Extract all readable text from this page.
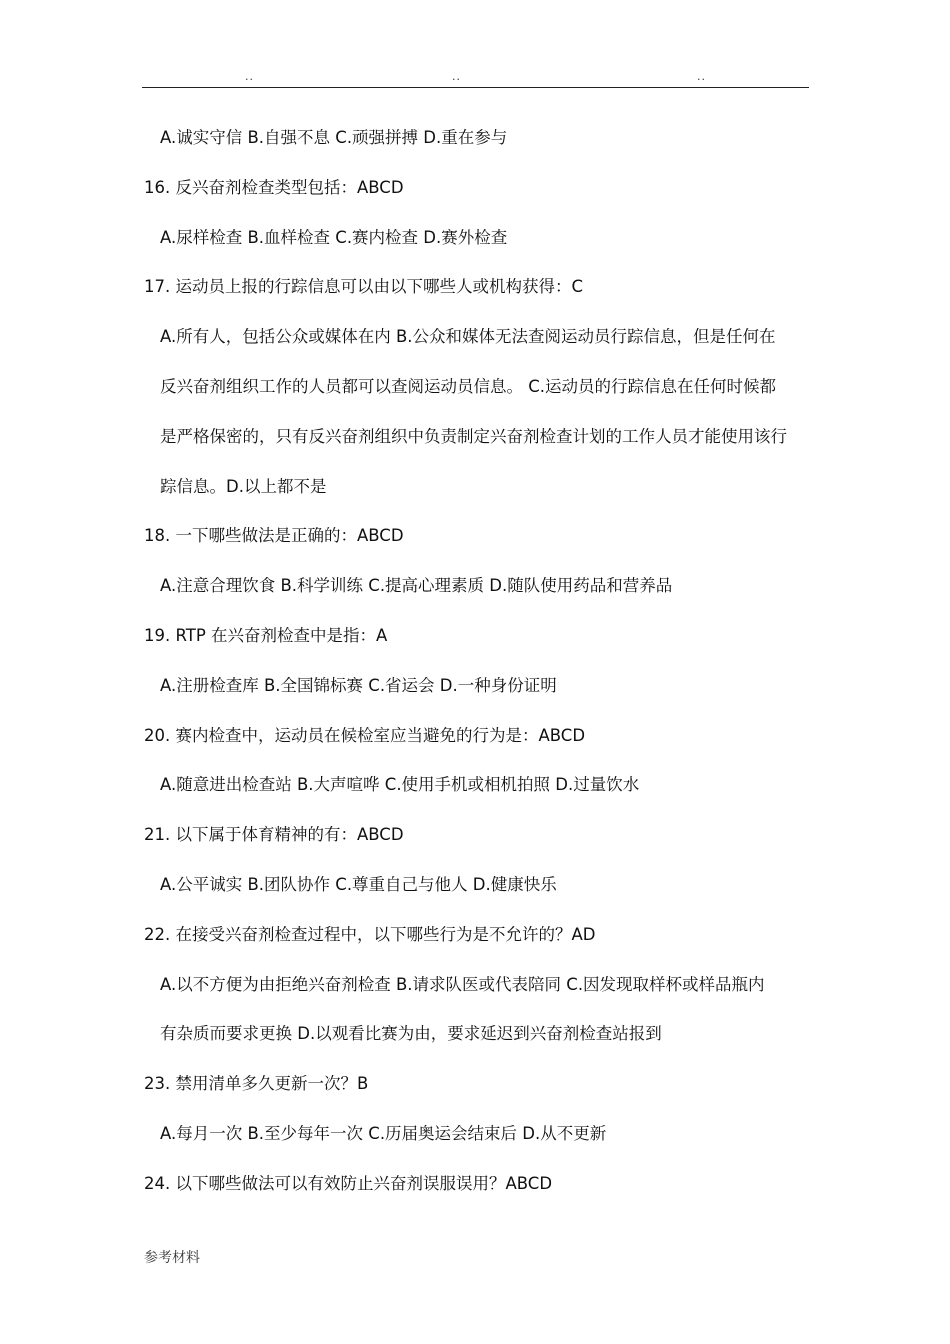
..	..	..
A.诚实守信 B.自强不息 C.顽强拼搏 D.重在参与
16. 反兴奋剂检查类型包括：ABCD
A.尿样检查 B.血样检查 C.赛内检查 D.赛外检查
17. 运动员上报的行踪信息可以由以下哪些人或机构获得：C
A.所有人，包括公众或媒体在内 B.公众和媒体无法查阅运动员行踪信息，但是任何在
反兴奋剂组织工作的人员都可以查阅运动员信息。 C.运动员的行踪信息在任何时候都
是严格保密的，只有反兴奋剂组织中负责制定兴奋剂检查计划的工作人员才能使用该行
踪信息。D.以上都不是
18. 一下哪些做法是正确的：ABCD
A.注意合理饮食 B.科学训练 C.提高心理素质 D.随队使用药品和营养品
19. RTP 在兴奋剂检查中是指：A
A.注册检查库 B.全国锦标赛 C.省运会 D.一种身份证明
20. 赛内检查中，运动员在候检室应当避免的行为是：ABCD
A.随意进出检查站 B.大声喧哗 C.使用手机或相机拍照 D.过量饮水
21. 以下属于体育精神的有：ABCD
A.公平诚实 B.团队协作 C.尊重自己与他人 D.健康快乐
22. 在接受兴奋剂检查过程中，以下哪些行为是不允许的？AD
A.以不方便为由拒绝兴奋剂检查 B.请求队医或代表陪同 C.因发现取样杯或样品瓶内
有杂质而要求更换 D.以观看比赛为由，要求延迟到兴奋剂检查站报到
23. 禁用清单多久更新一次？B
A.每月一次 B.至少每年一次 C.历届奥运会结束后 D.从不更新
24. 以下哪些做法可以有效防止兴奋剂误服误用？ABCD
参考材料
